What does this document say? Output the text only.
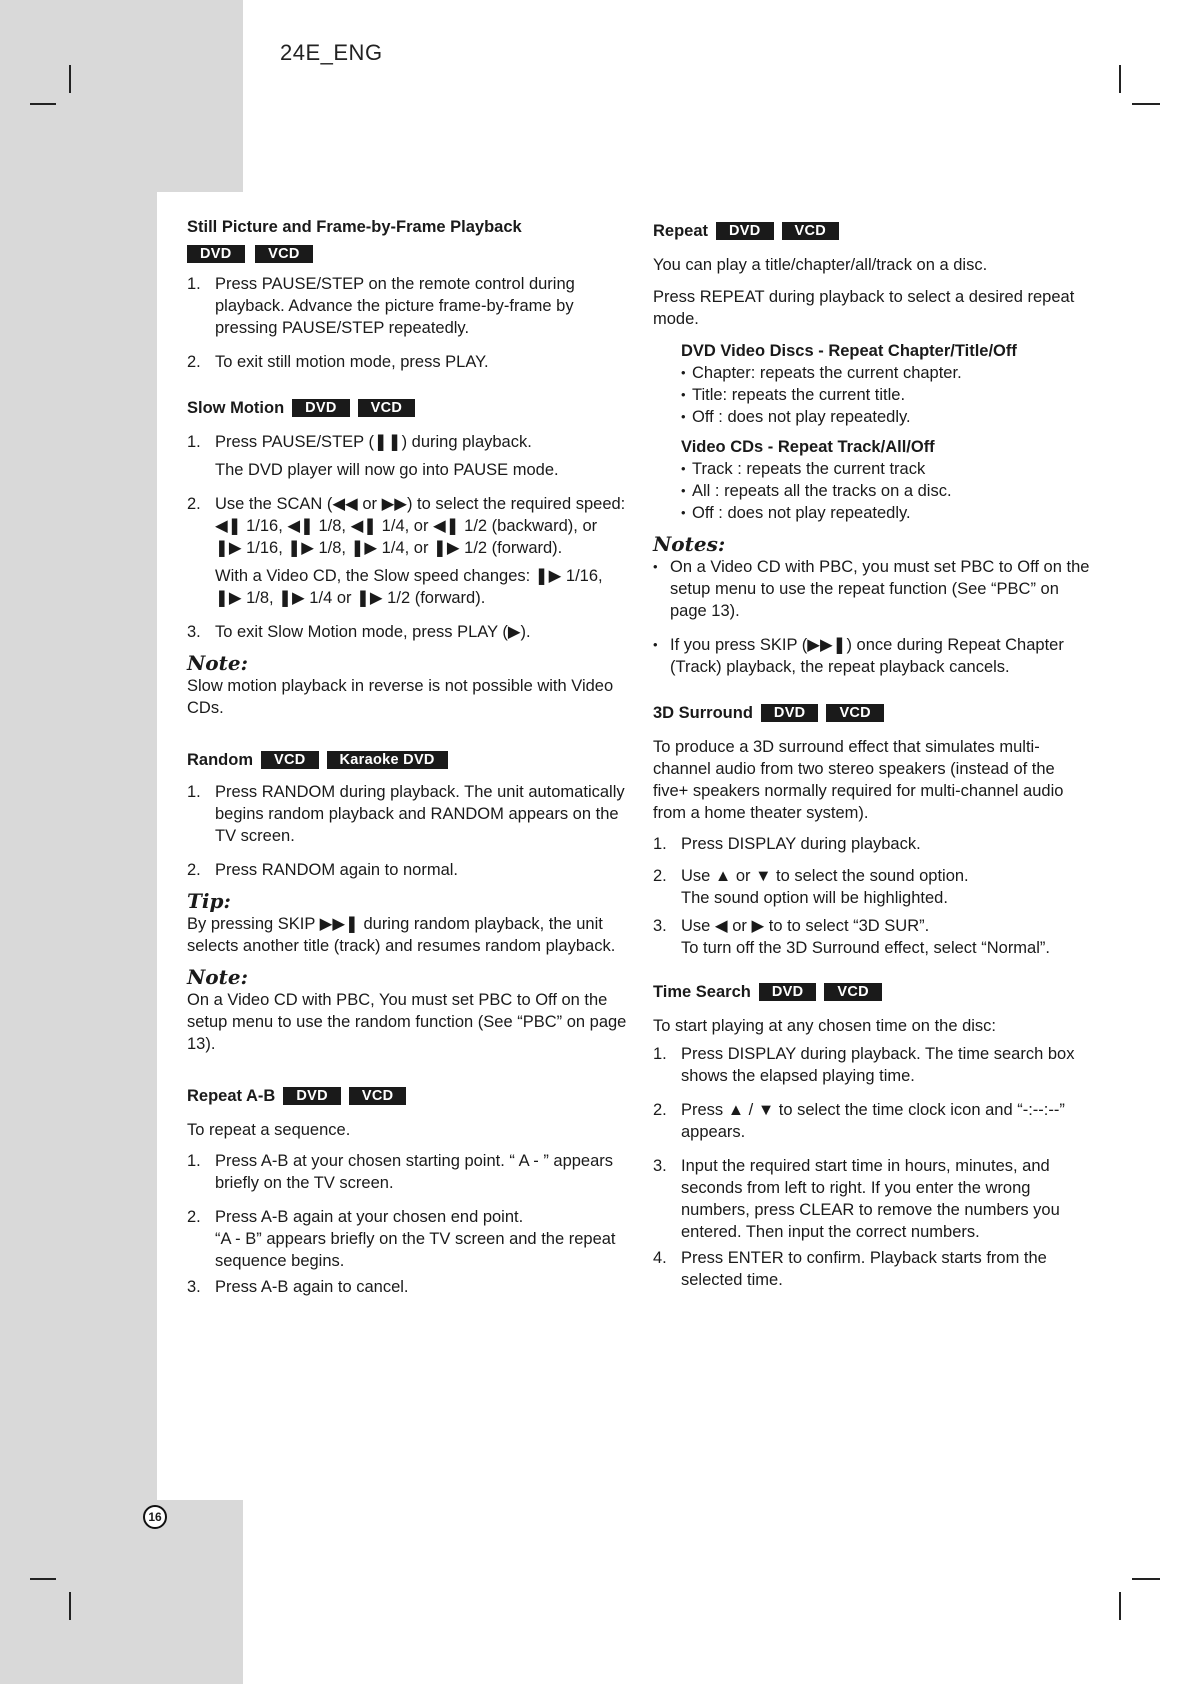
24E_ENG

Still Picture and Frame-by-Frame Playback

DVD	VCD
1. Press PAUSE/STEP on the remote control during playback. Advance the picture frame-by-frame by pressing PAUSE/STEP repeatedly.
2. To exit still motion mode, press PLAY.

Slow Motion	DVD	VCD

1. Press PAUSE/STEP (❚❚) during playback.
The DVD player will now go into PAUSE mode.
2. Use the SCAN (◀◀ or ▶▶) to select the required speed: ◀❚ 1/16, ◀❚ 1/8, ◀❚ 1/4, or ◀❚ 1/2 (backward), or ❚▶ 1/16, ❚▶ 1/8, ❚▶ 1/4, or ❚▶ 1/2 (forward).
With a Video CD, the Slow speed changes: ❚▶ 1/16, ❚▶ 1/8, ❚▶ 1/4 or ❚▶ 1/2 (forward).
3. To exit Slow Motion mode, press PLAY (▶).

Note:

Slow motion playback in reverse is not possible with Video CDs.

Random	VCD	Karaoke DVD

1. Press RANDOM during playback. The unit automatically begins random playback and RANDOM appears on the TV screen.
2. Press RANDOM again to normal.

Tip:

By pressing SKIP ▶▶❚ during random playback, the unit selects another title (track) and resumes random playback.

Note:

On a Video CD with PBC, You must set PBC to Off on the setup menu to use the random function (See “PBC” on page 13).

Repeat A-B	DVD	VCD

To repeat a sequence.

1. Press A-B at your chosen starting point. “ A - ” appears briefly on the TV screen.
2. Press A-B again at your chosen end point.
“A - B” appears briefly on the TV screen and the repeat sequence begins.
3. Press A-B again to cancel.

Repeat	DVD	VCD

You can play a title/chapter/all/track on a disc.

Press REPEAT during playback to select a desired repeat mode.

DVD Video Discs - Repeat Chapter/Title/Off

• Chapter: repeats the current chapter.
• Title: repeats the current title.
• Off : does not play repeatedly.

Video CDs - Repeat Track/All/Off

• Track : repeats the current track
• All : repeats all the tracks on a disc.
• Off : does not play repeatedly.

Notes:

• On a Video CD with PBC, you must set PBC to Off on the setup menu to use the repeat function (See “PBC” on page 13).
• If you press SKIP (▶▶❚) once during Repeat Chapter (Track) playback, the repeat playback cancels.

3D Surround	DVD	VCD

To produce a 3D surround effect that simulates multi-channel audio from two stereo speakers (instead of the five+ speakers normally required for multi-channel audio from a home theater system).

1. Press DISPLAY during playback.
2. Use ▲ or ▼ to select the sound option.
The sound option will be highlighted.
3. Use ◀ or ▶ to to select “3D SUR”.
To turn off the 3D Surround effect, select “Normal”.

Time Search	DVD	VCD

To start playing at any chosen time on the disc:

1. Press DISPLAY during playback. The time search box shows the elapsed playing time.
2. Press ▲ / ▼ to select the time clock icon and “-:--:--” appears.
3. Input the required start time in hours, minutes, and seconds from left to right. If you enter the wrong numbers, press CLEAR to remove the numbers you entered. Then input the correct numbers.
4. Press ENTER to confirm. Playback starts from the selected time.
16
